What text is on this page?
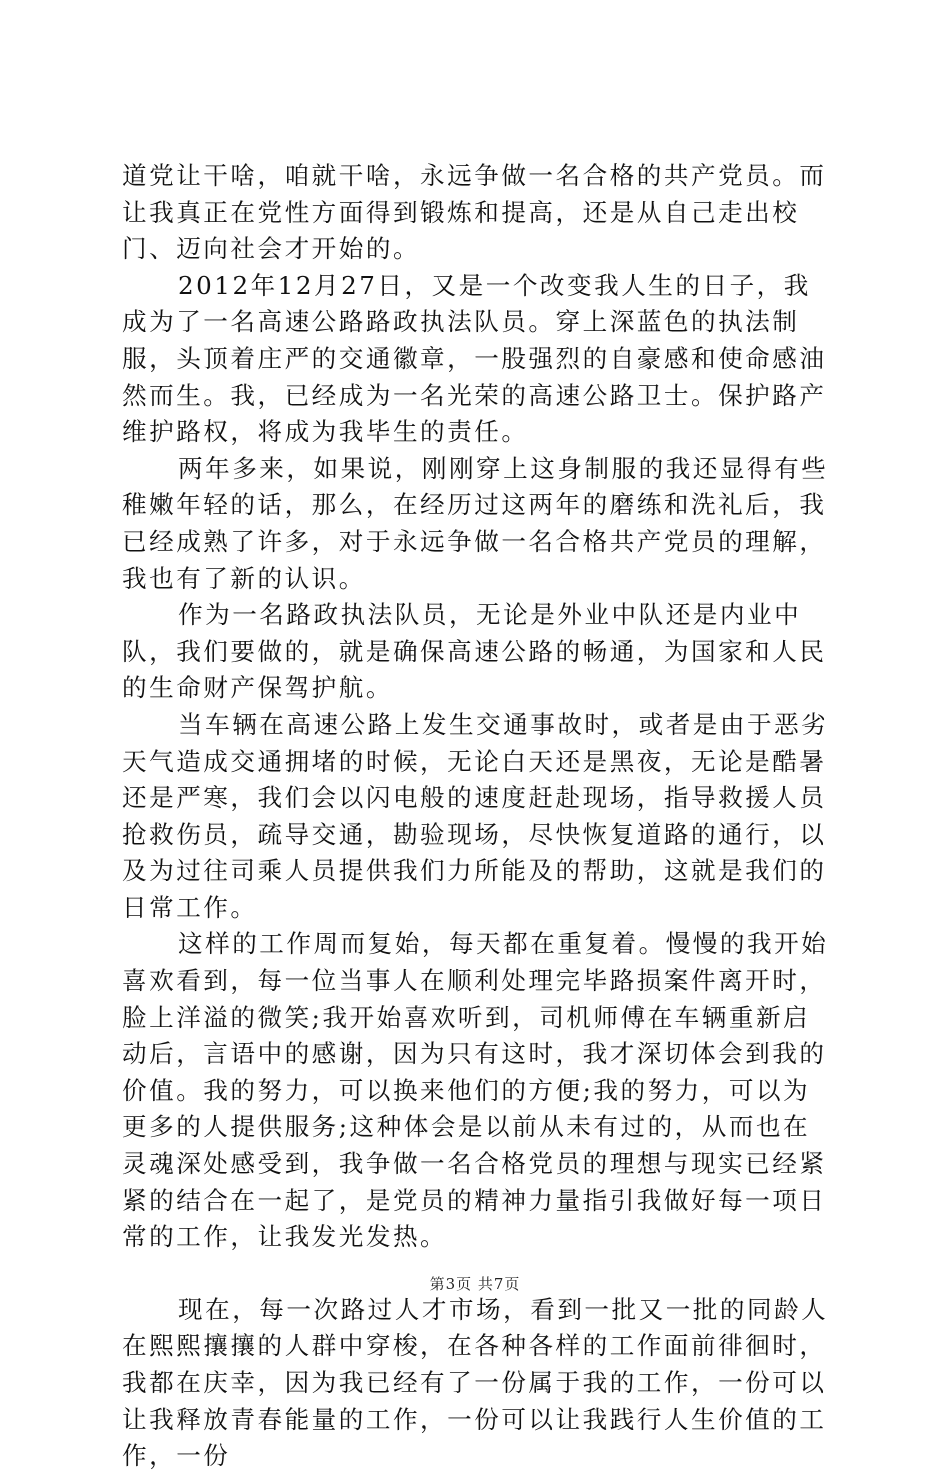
道党让干啥，咱就干啥，永远争做一名合格的共产党员。而让我真正在党性方面得到锻炼和提高，还是从自己走出校门、迈向社会才开始的。

2012年12月27日，又是一个改变我人生的日子，我成为了一名高速公路路政执法队员。穿上深蓝色的执法制服，头顶着庄严的交通徽章，一股强烈的自豪感和使命感油然而生。我，已经成为一名光荣的高速公路卫士。保护路产维护路权，将成为我毕生的责任。

两年多来，如果说，刚刚穿上这身制服的我还显得有些稚嫩年轻的话，那么，在经历过这两年的磨练和洗礼后，我已经成熟了许多，对于永远争做一名合格共产党员的理解，我也有了新的认识。

作为一名路政执法队员，无论是外业中队还是内业中队，我们要做的，就是确保高速公路的畅通，为国家和人民的生命财产保驾护航。

当车辆在高速公路上发生交通事故时，或者是由于恶劣天气造成交通拥堵的时候，无论白天还是黑夜，无论是酷暑还是严寒，我们会以闪电般的速度赶赴现场，指导救援人员抢救伤员，疏导交通，勘验现场，尽快恢复道路的通行，以及为过往司乘人员提供我们力所能及的帮助，这就是我们的日常工作。

这样的工作周而复始，每天都在重复着。慢慢的我开始喜欢看到，每一位当事人在顺利处理完毕路损案件离开时，脸上洋溢的微笑;我开始喜欢听到，司机师傅在车辆重新启动后，言语中的感谢，因为只有这时，我才深切体会到我的价值。我的努力，可以换来他们的方便;我的努力，可以为更多的人提供服务;这种体会是以前从未有过的，从而也在灵魂深处感受到，我争做一名合格党员的理想与现实已经紧紧的结合在一起了，是党员的精神力量指引我做好每一项日常的工作，让我发光发热。

现在，每一次路过人才市场，看到一批又一批的同龄人在熙熙攘攘的人群中穿梭，在各种各样的工作面前徘徊时，我都在庆幸，因为我已经有了一份属于我的工作，一份可以让我释放青春能量的工作，一份可以让我践行人生价值的工作，一份

第3页 共7页
